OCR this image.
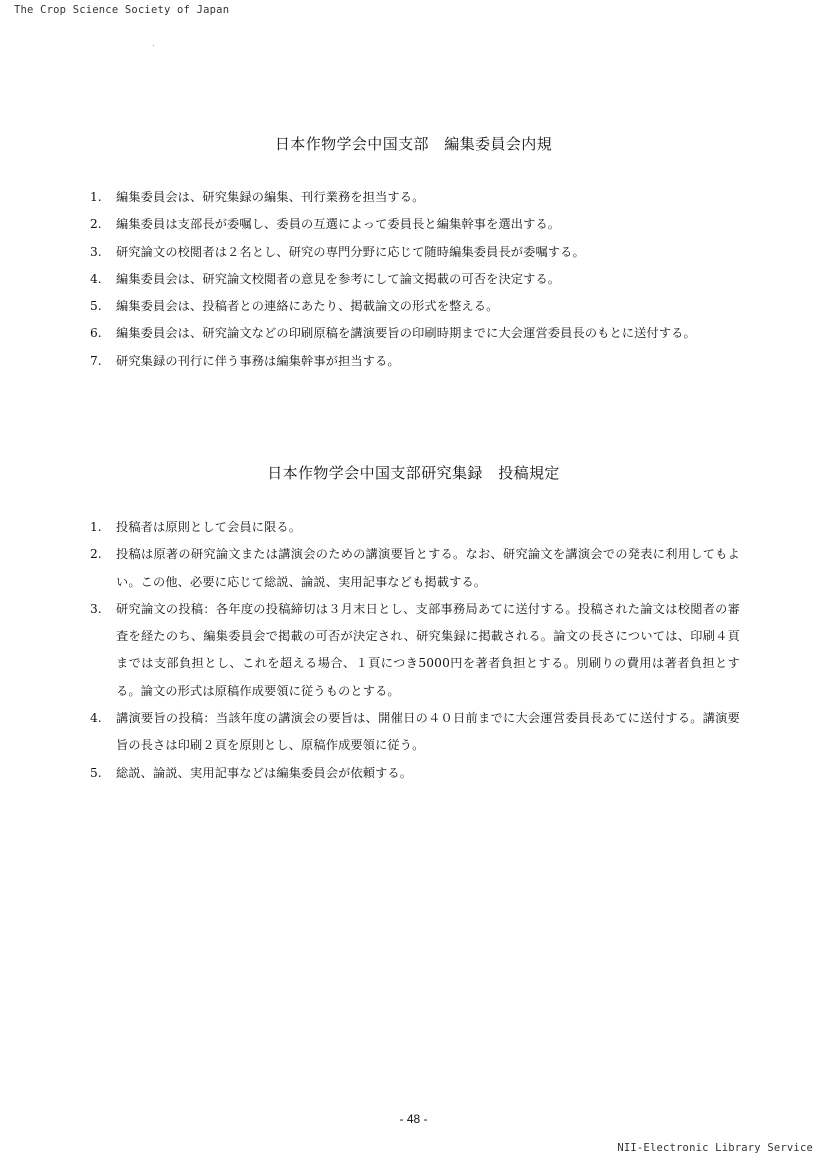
The Crop Science Society of Japan
日本作物学会中国支部　編集委員会内規
1.	編集委員会は、研究集録の編集、刊行業務を担当する。
2.	編集委員は支部長が委嘱し、委員の互選によって委員長と編集幹事を選出する。
3.	研究論文の校閲者は２名とし、研究の専門分野に応じて随時編集委員長が委嘱する。
4.	編集委員会は、研究論文校閲者の意見を参考にして論文掲載の可否を決定する。
5.	編集委員会は、投稿者との連絡にあたり、掲載論文の形式を整える。
6.	編集委員会は、研究論文などの印刷原稿を講演要旨の印刷時期までに大会運営委員長のもとに送付する。
7.	研究集録の刊行に伴う事務は編集幹事が担当する。
日本作物学会中国支部研究集録　投稿規定
1.	投稿者は原則として会員に限る。
2.	投稿は原著の研究論文または講演会のための講演要旨とする。なお、研究論文を講演会での発表に利用してもよい。この他、必要に応じて総説、論説、実用記事なども掲載する。
3.	研究論文の投稿：各年度の投稿締切は３月末日とし、支部事務局あてに送付する。投稿された論文は校閲者の審査を経たのち、編集委員会で掲載の可否が決定され、研究集録に掲載される。論文の長さについては、印刷４頁までは支部負担とし、これを超える場合、１頁につき5000円を著者負担とする。別刷りの費用は著者負担とする。論文の形式は原稿作成要領に従うものとする。
4.	講演要旨の投稿：当該年度の講演会の要旨は、開催日の４０日前までに大会運営委員長あてに送付する。講演要旨の長さは印刷２頁を原則とし、原稿作成要領に従う。
5.	総説、論説、実用記事などは編集委員会が依頼する。
- 48 -
NII-Electronic Library Service
